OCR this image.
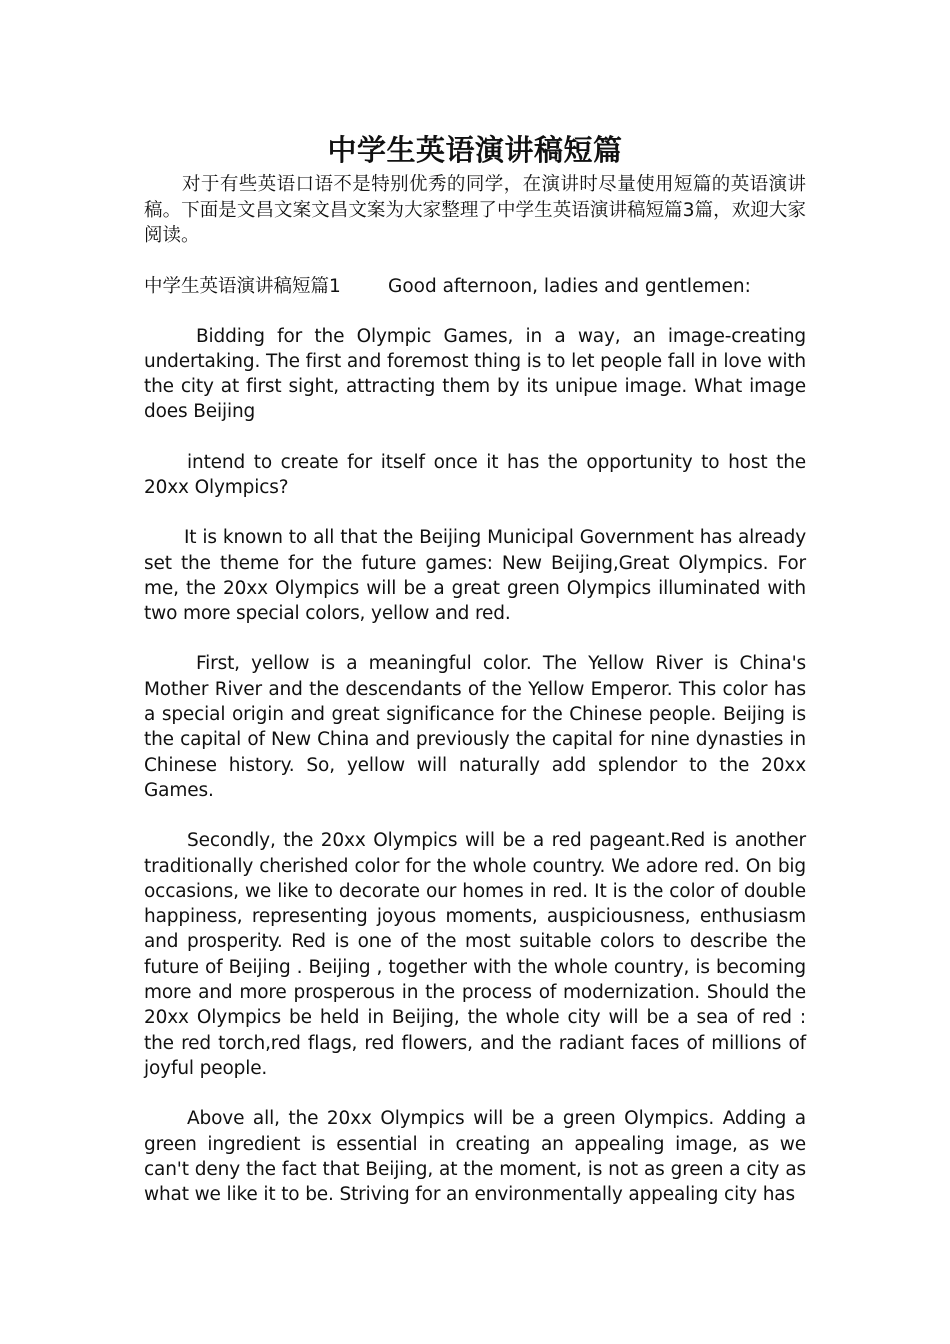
中学生英语演讲稿短篇

对于有些英语口语不是特别优秀的同学，在演讲时尽量使用短篇的英语演讲稿。下面是文昌文案文昌文案为大家整理了中学生英语演讲稿短篇3篇，欢迎大家阅读。

中学生英语演讲稿短篇1	Good afternoon, ladies and gentlemen:

Bidding for the Olympic Games, in a way, an image-creating undertaking. The first and foremost thing is to let people fall in love with the city at first sight, attracting them by its unipue image. What image does Beijing

intend to create for itself once it has the opportunity to host the 20xx Olympics?

It is known to all that the Beijing Municipal Government has already set the theme for the future games: New Beijing,Great Olympics. For me, the 20xx Olympics will be a great green Olympics illuminated with two more special colors, yellow and red.

First, yellow is a meaningful color. The Yellow River is China's Mother River and the descendants of the Yellow Emperor. This color has a special origin and great significance for the Chinese people. Beijing is the capital of New China and previously the capital for nine dynasties in Chinese history. So, yellow will naturally add splendor to the 20xx Games.

Secondly, the 20xx Olympics will be a red pageant.Red is another traditionally cherished color for the whole country. We adore red. On big occasions, we like to decorate our homes in red. It is the color of double happiness, representing joyous moments, auspiciousness, enthusiasm and prosperity. Red is one of the most suitable colors to describe the future of Beijing . Beijing , together with the whole country, is becoming more and more prosperous in the process of modernization. Should the 20xx Olympics be held in Beijing, the whole city will be a sea of red : the red torch,red flags, red flowers, and the radiant faces of millions of joyful people.

Above all, the 20xx Olympics will be a green Olympics. Adding a green ingredient is essential in creating an appealing image, as we can't deny the fact that Beijing, at the moment, is not as green a city as what we like it to be. Striving for an environmentally appealing city has
